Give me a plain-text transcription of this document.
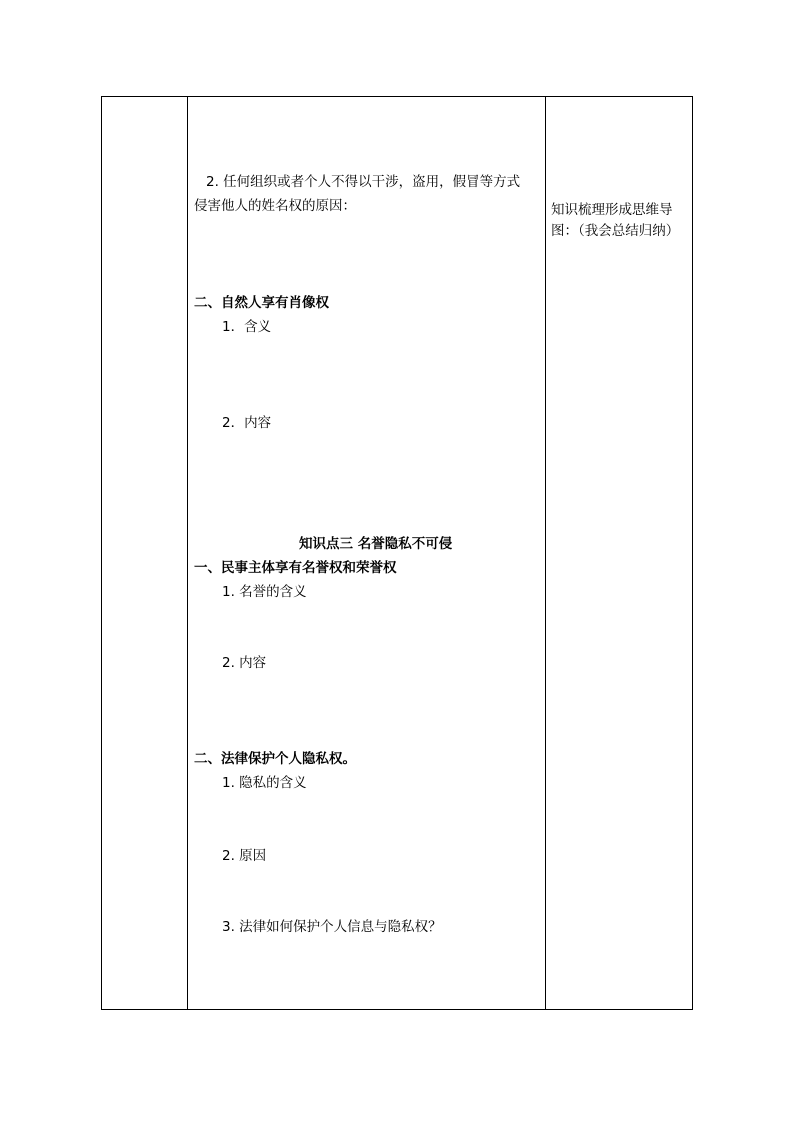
2. 任何组织或者个人不得以干涉，盗用，假冒等方式
侵害他人的姓名权的原因：
二、自然人享有肖像权
1．含义
2．内容
知识点三 名誉隐私不可侵
一、民事主体享有名誉权和荣誉权
1. 名誉的含义
2. 内容
二、法律保护个人隐私权。
1. 隐私的含义
2. 原因
3. 法律如何保护个人信息与隐私权？
知识梳理形成思维导
图：（我会总结归纳）
